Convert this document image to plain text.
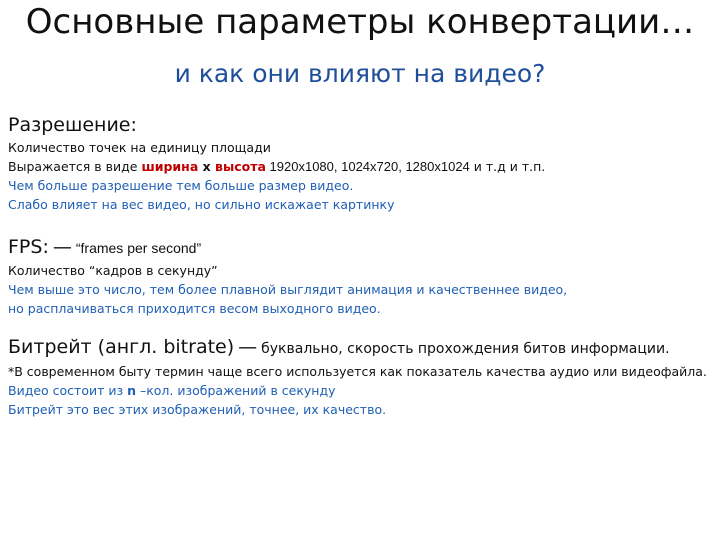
Основные параметры конвертации…
и как они влияют на видео?
Разрешение:
Количество точек на единицу площади
Выражается в виде ширина x высота 1920x1080, 1024x720, 1280x1024 и т.д и т.п.
Чем больше разрешение тем больше размер видео.
Слабо влияет на вес видео, но сильно искажает картинку
FPS: — “frames per second”
Количество “кадров в секунду”
Чем выше это число, тем более плавной выглядит анимация и качественнее видео,
но расплачиваться приходится весом выходного видео.
Битрейт (англ. bitrate) — буквально, скорость прохождения битов информации.
*В современном быту термин чаще всего используется как показатель качества аудио или видеофайла.
Видео состоит из n –кол. изображений в секунду
Битрейт это вес этих изображений, точнее, их качество.
